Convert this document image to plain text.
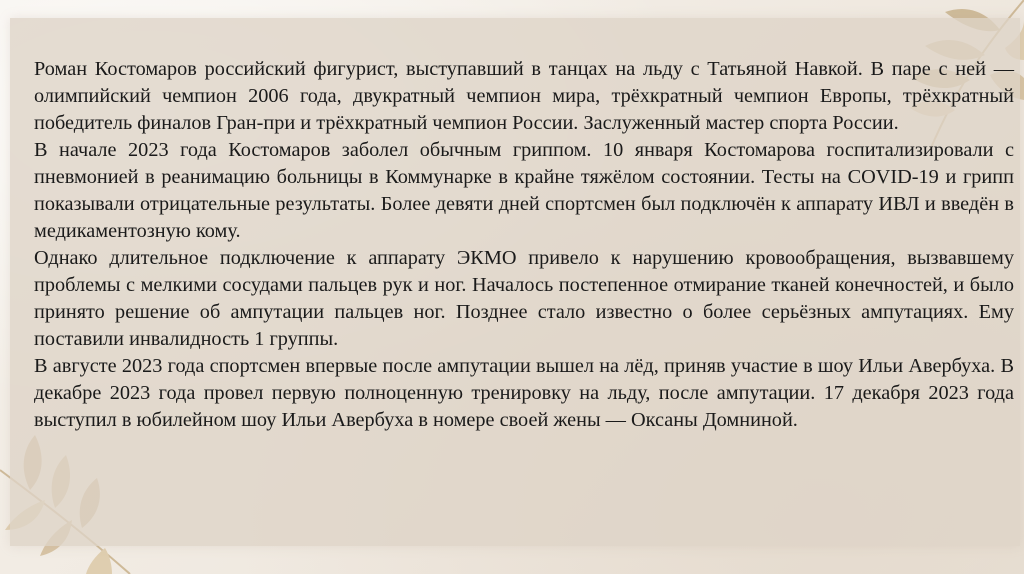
Роман Костомаров российский фигурист, выступавший в танцах на льду с Татьяной Навкой. В паре с ней — олимпийский чемпион 2006 года, двукратный чемпион мира, трёхкратный чемпион Европы, трёхкратный победитель финалов Гран-при и трёхкратный чемпион России. Заслуженный мастер спорта России.

В начале 2023 года Костомаров заболел обычным гриппом. 10 января Костомарова госпитализировали с пневмонией в реанимацию больницы в Коммунарке в крайне тяжёлом состоянии. Тесты на COVID-19 и грипп показывали отрицательные результаты. Более девяти дней спортсмен был подключён к аппарату ИВЛ и введён в медикаментозную кому.

Однако длительное подключение к аппарату ЭКМО привело к нарушению кровообращения, вызвавшему проблемы с мелкими сосудами пальцев рук и ног. Началось постепенное отмирание тканей конечностей, и было принято решение об ампутации пальцев ног. Позднее стало известно о более серьёзных ампутациях. Ему поставили инвалидность 1 группы.

В августе 2023 года спортсмен впервые после ампутации вышел на лёд, приняв участие в шоу Ильи Авербуха. В декабре 2023 года провел первую полноценную тренировку на льду, после ампутации. 17 декабря 2023 года выступил в юбилейном шоу Ильи Авербуха в номере своей жены — Оксаны Домниной.
